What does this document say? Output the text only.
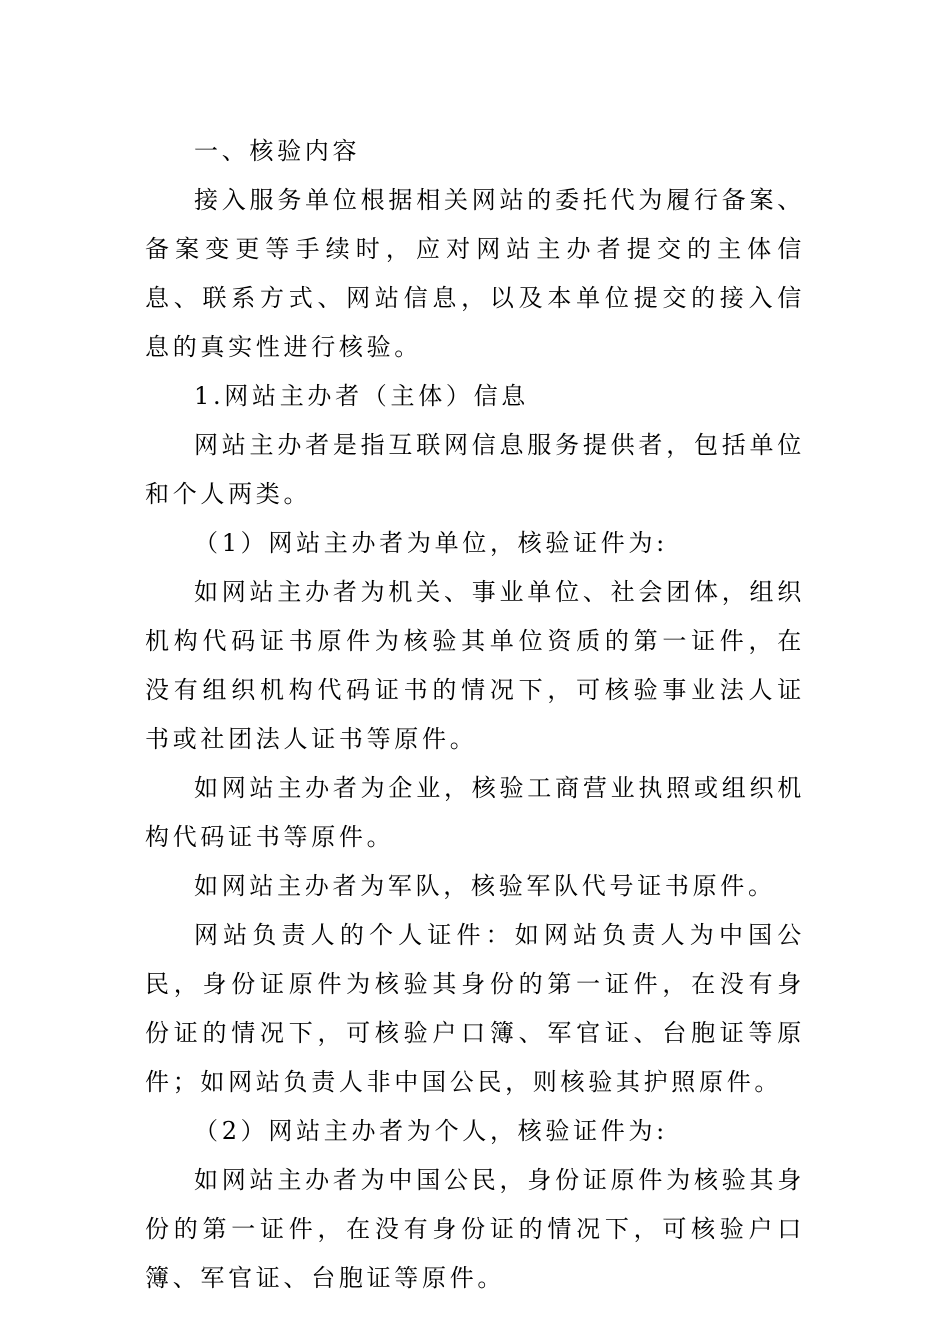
一、核验内容

接入服务单位根据相关网站的委托代为履行备案、备案变更等手续时，应对网站主办者提交的主体信息、联系方式、网站信息，以及本单位提交的接入信息的真实性进行核验。

1.网站主办者（主体）信息

网站主办者是指互联网信息服务提供者，包括单位和个人两类。

（1）网站主办者为单位，核验证件为:

如网站主办者为机关、事业单位、社会团体，组织机构代码证书原件为核验其单位资质的第一证件，在没有组织机构代码证书的情况下，可核验事业法人证书或社团法人证书等原件。

如网站主办者为企业，核验工商营业执照或组织机构代码证书等原件。

如网站主办者为军队，核验军队代号证书原件。

网站负责人的个人证件：如网站负责人为中国公民，身份证原件为核验其身份的第一证件，在没有身份证的情况下，可核验户口簿、军官证、台胞证等原件；如网站负责人非中国公民，则核验其护照原件。

（2）网站主办者为个人，核验证件为:

如网站主办者为中国公民，身份证原件为核验其身份的第一证件，在没有身份证的情况下，可核验户口簿、军官证、台胞证等原件。
